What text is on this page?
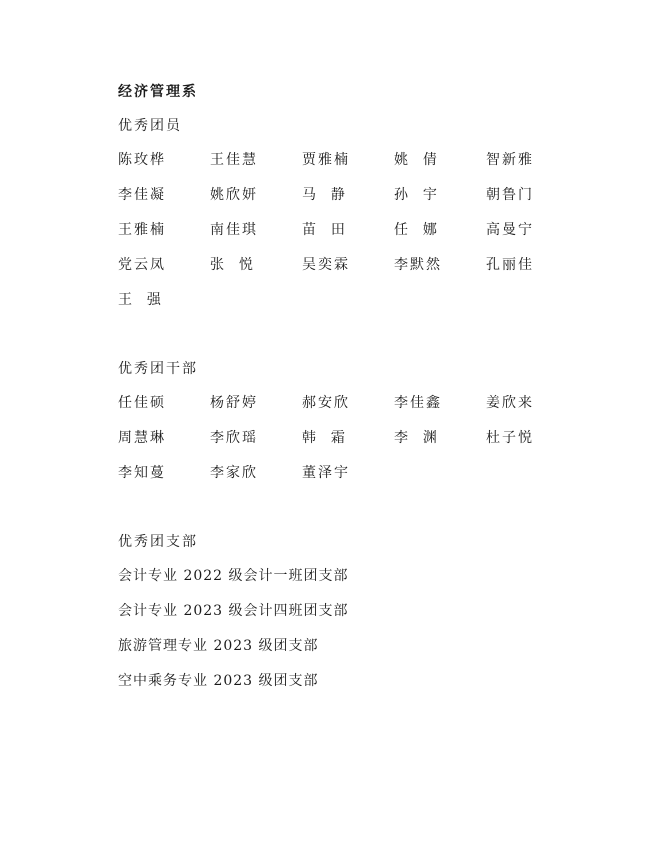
经济管理系
优秀团员
陈玫桦	王佳慧	贾雅楠	姚  倩	智新雅
李佳凝	姚欣妍	马  静	孙  宇	朝鲁门
王雅楠	南佳琪	苗  田	任  娜	高曼宁
党云凤	张  悦	吴奕霖	李默然	孔丽佳
王  强
优秀团干部
任佳硕	杨舒婷	郝安欣	李佳鑫	姜欣来
周慧琳	李欣瑶	韩  霜	李  渊	杜子悦
李知蔓	李家欣	董泽宇
优秀团支部
会计专业 2022 级会计一班团支部
会计专业 2023 级会计四班团支部
旅游管理专业 2023 级团支部
空中乘务专业 2023 级团支部
